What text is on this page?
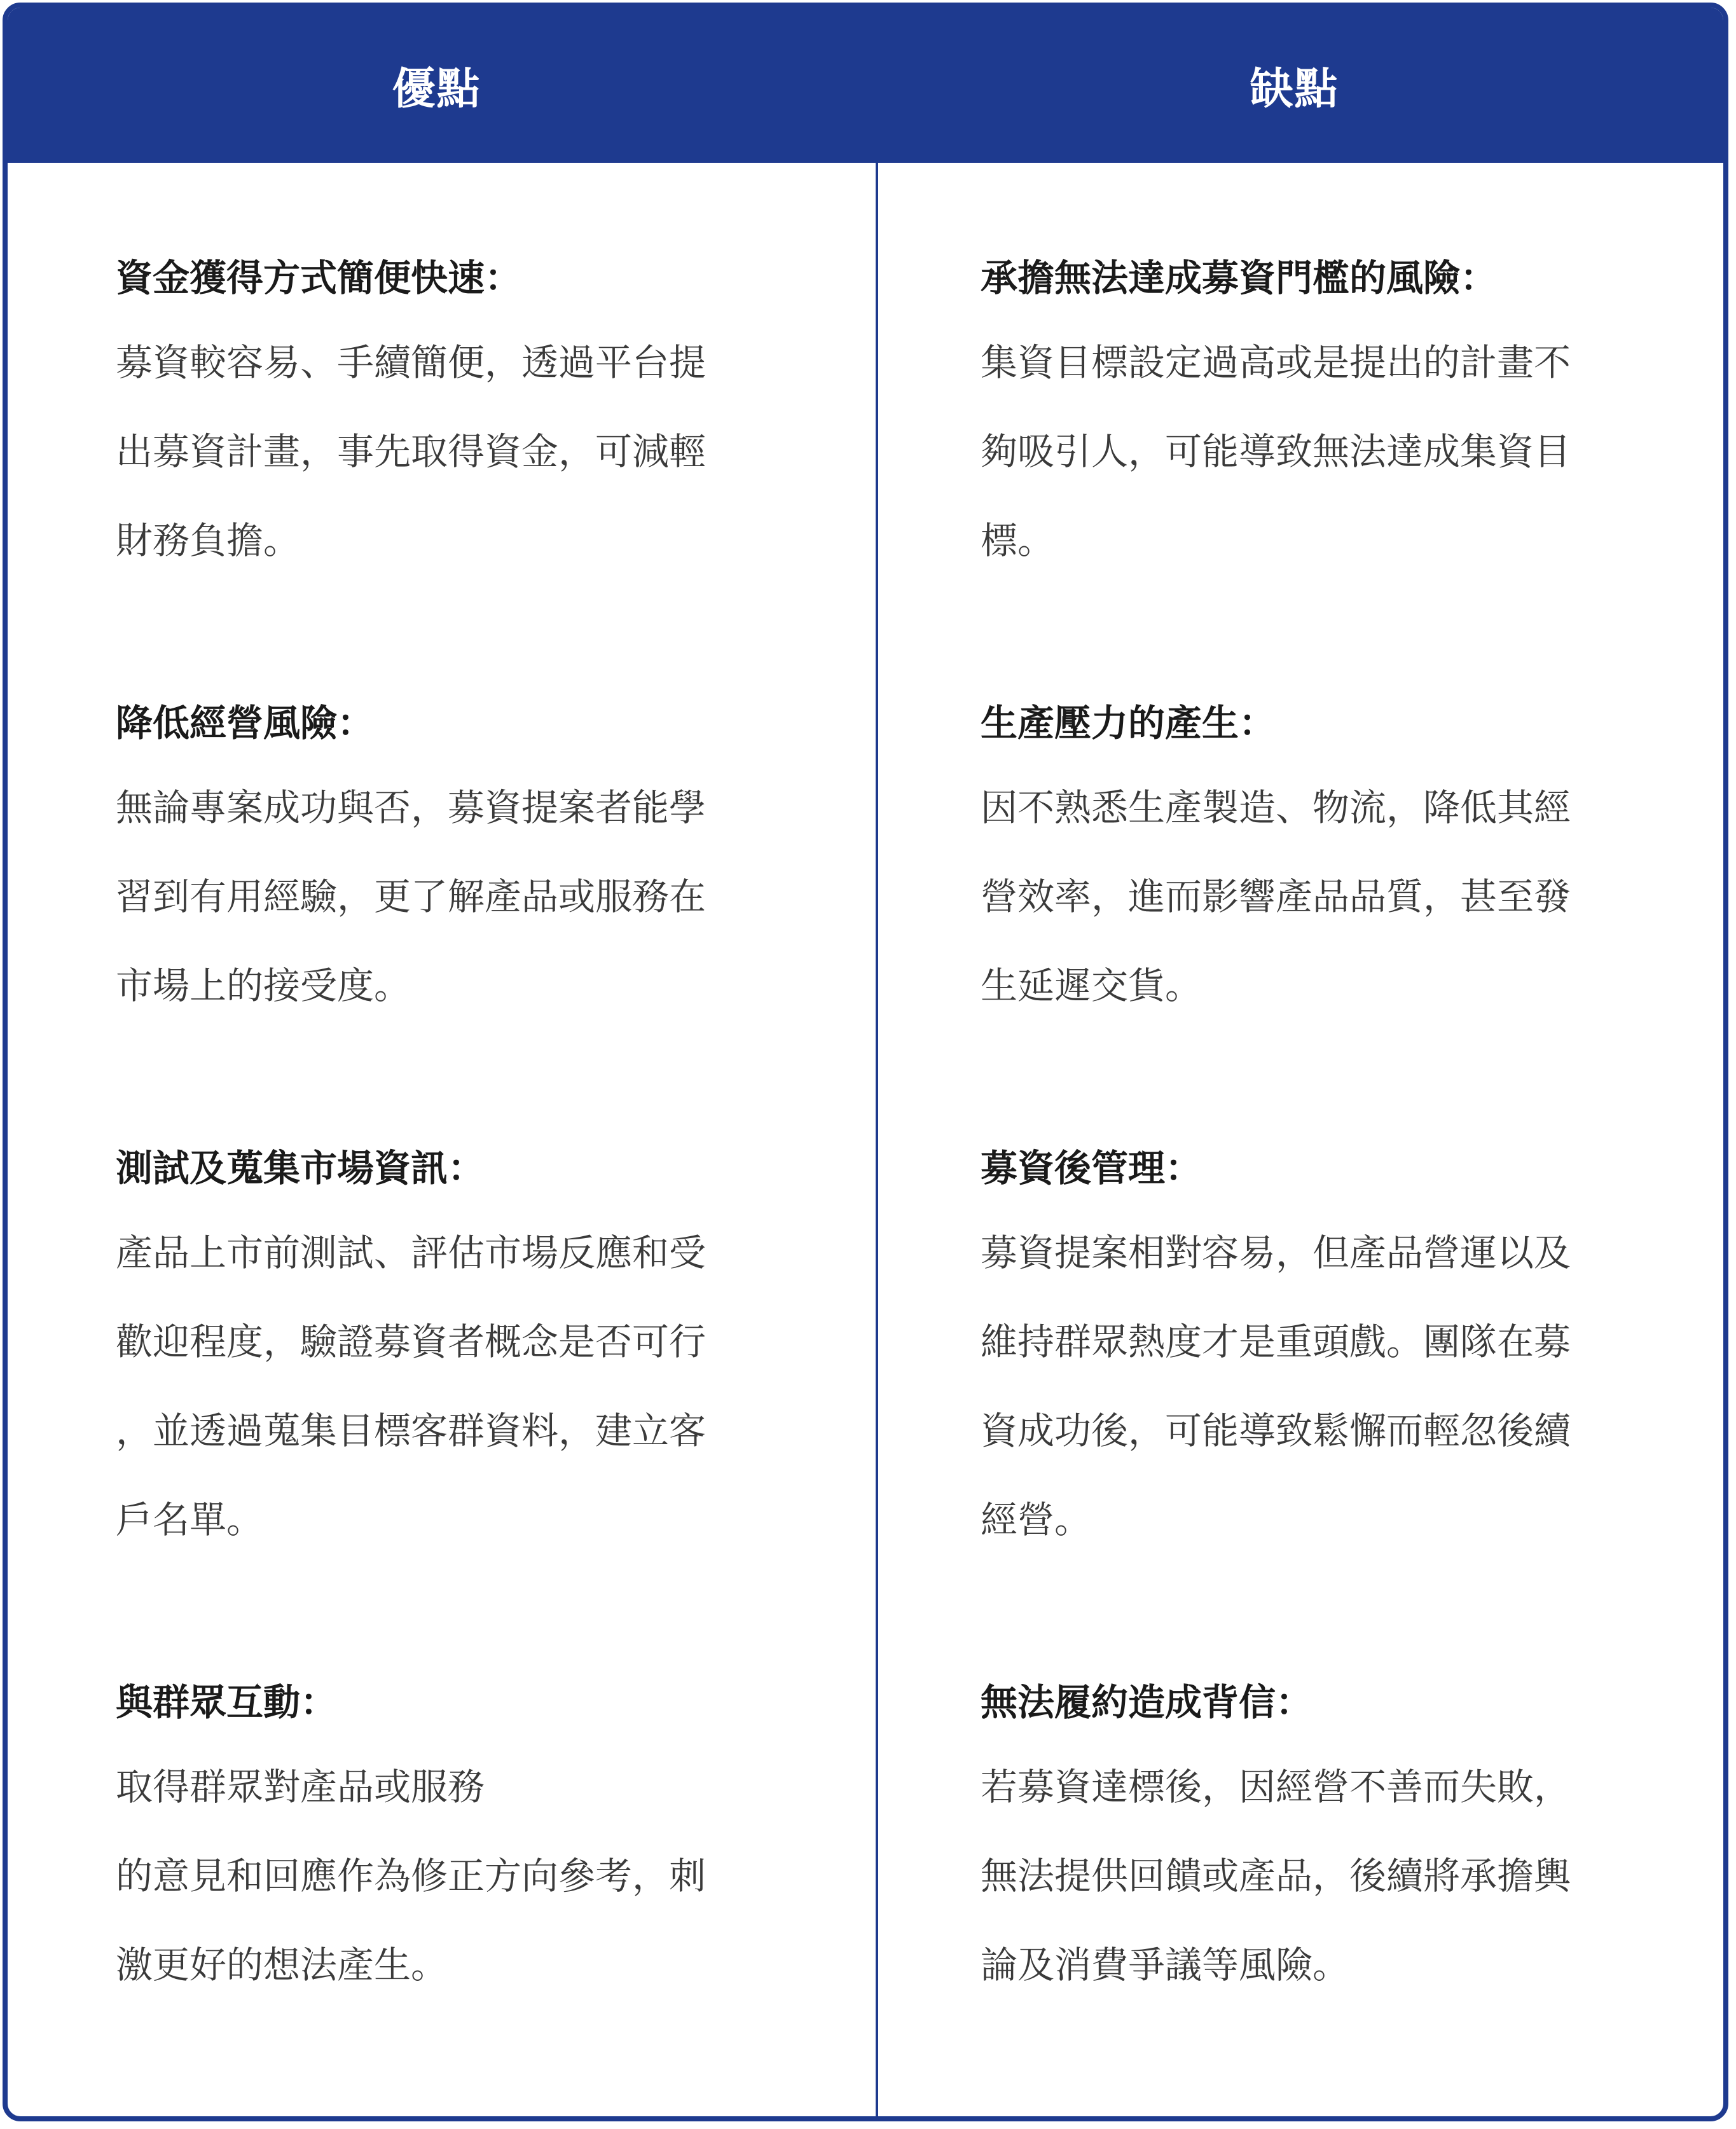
優點	缺點
資金獲得方式簡便快速：
募資較容易、手續簡便，透過平台提
出募資計畫，事先取得資金，可減輕
財務負擔。
降低經營風險：
無論專案成功與否，募資提案者能學
習到有用經驗，更了解產品或服務在
市場上的接受度。
測試及蒐集市場資訊：
產品上市前測試、評估市場反應和受
歡迎程度，驗證募資者概念是否可行
，並透過蒐集目標客群資料，建立客
戶名單。
與群眾互動：
取得群眾對產品或服務
的意見和回應作為修正方向參考，刺
激更好的想法產生。
承擔無法達成募資門檻的風險：
集資目標設定過高或是提出的計畫不
夠吸引人，可能導致無法達成集資目
標。
生產壓力的產生：
因不熟悉生產製造、物流，降低其經
營效率，進而影響產品品質，甚至發
生延遲交貨。
募資後管理：
募資提案相對容易，但產品營運以及
維持群眾熱度才是重頭戲。團隊在募
資成功後，可能導致鬆懈而輕忽後續
經營。
無法履約造成背信：
若募資達標後，因經營不善而失敗，
無法提供回饋或產品，後續將承擔輿
論及消費爭議等風險。
